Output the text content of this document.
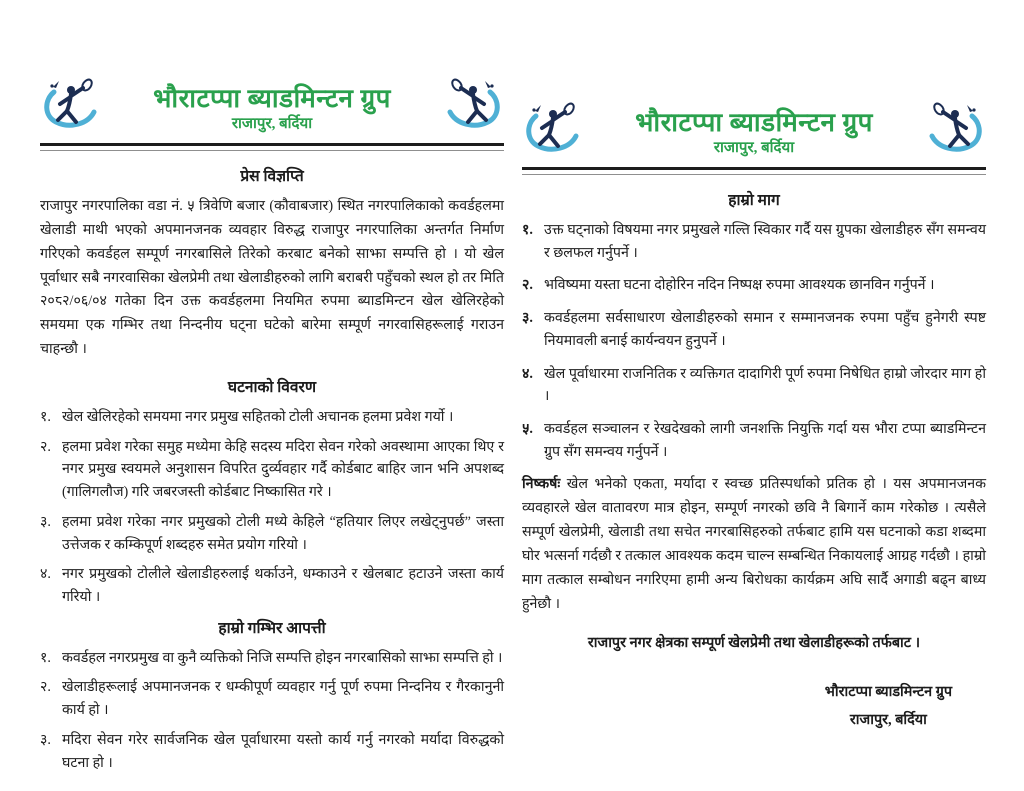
भौराटप्पा ब्याडमिन्टन ग्रुप
राजापुर, बर्दिया
प्रेस विज्ञप्ति

राजापुर नगरपालिका वडा नं. ५ त्रिवेणि बजार (कौवाबजार) स्थित नगरपालिकाको कवर्डहलमा खेलाडी माथी भएको अपमानजनक व्यवहार विरुद्ध राजापुर नगरपालिका अन्तर्गत निर्माण गरिएको कवर्डहल सम्पूर्ण नगरबासिले तिरेको करबाट बनेको साझा सम्पत्ति हो । यो खेल पूर्वाधार सबै नगरवासिका खेलप्रेमी तथा खेलाडीहरुको लागि बराबरी पहुँचको स्थल हो तर मिति २०८२/०६/०४ गतेका दिन उक्त कवर्डहलमा नियमित रुपमा ब्याडमिन्टन खेल खेलिरहेको समयमा एक गम्भिर तथा निन्दनीय घट्ना घटेको बारेमा सम्पूर्ण नगरवासिहरूलाई गराउन चाहन्छौ ।

घटनाको विवरण
१. खेल खेलिरहेको समयमा नगर प्रमुख सहितको टोली अचानक हलमा प्रवेश गर्यो ।
२. हलमा प्रवेश गरेका समुह मध्येमा केहि सदस्य मदिरा सेवन गरेको अवस्थामा आएका थिए र नगर प्रमुख स्वयमले अनुशासन विपरित दुर्व्यवहार गर्दै कोर्डबाट बाहिर जान भनि अपशब्द (गालिगलौज) गरि जबरजस्ती कोर्डबाट निष्कासित गरे ।
३. हलमा प्रवेश गरेका नगर प्रमुखको टोली मध्ये केहिले “हतियार लिएर लखेट्नुपर्छ” जस्ता उत्तेजक र कम्किपूर्ण शब्दहरु समेत प्रयोग गरियो ।
४. नगर प्रमुखको टोलीले खेलाडीहरुलाई थर्काउने, धम्काउने र खेलबाट हटाउने जस्ता कार्य गरियो ।
हाम्रो गम्भिर आपत्ती
१. कवर्डहल नगरप्रमुख वा कुनै व्यक्तिको निजि सम्पत्ति होइन नगरबासिको साझा सम्पत्ति हो ।
२. खेलाडीहरूलाई अपमानजनक र धम्कीपूर्ण व्यवहार गर्नु पूर्ण रुपमा निन्दनिय र गैरकानुनी कार्य हो ।
३. मदिरा सेवन गरेर सार्वजनिक खेल पूर्वाधारमा यस्तो कार्य गर्नु नगरको मर्यादा विरुद्धको घटना हो ।
भौराटप्पा ब्याडमिन्टन ग्रुप
राजापुर, बर्दिया
हाम्रो माग
१. उक्त घट्नाको विषयमा नगर प्रमुखले गल्ति स्विकार गर्दै यस ग्रुपका खेलाडीहरु सँग समन्वय र छलफल गर्नुपर्ने ।
२. भविष्यमा यस्ता घटना दोहोरिन नदिन निष्पक्ष रुपमा आवश्यक छानविन गर्नुपर्ने ।
३. कवर्डहलमा सर्वसाधारण खेलाडीहरुको समान र सम्मानजनक रुपमा पहुँच हुनेगरी स्पष्ट नियमावली बनाई कार्यन्वयन हुनुपर्ने ।
४. खेल पूर्वाधारमा राजनितिक र व्यक्तिगत दादागिरी पूर्ण रुपमा निषेधित हाम्रो जोरदार माग हो ।
५. कवर्डहल सञ्चालन र रेखदेखको लागी जनशक्ति नियुक्ति गर्दा यस भौरा टप्पा ब्याडमिन्टन ग्रुप सँग समन्वय गर्नुपर्ने ।

निष्कर्षः खेल भनेको एकता, मर्यादा र स्वच्छ प्रतिस्पर्धाको प्रतिक हो । यस अपमानजनक व्यवहारले खेल वातावरण मात्र होइन, सम्पूर्ण नगरको छवि नै बिगार्ने काम गरेकोछ । त्यसैले सम्पूर्ण खेलप्रेमी, खेलाडी तथा सचेत नगरबासिहरुको तर्फबाट हामि यस घटनाको कडा शब्दमा घोर भत्सर्ना गर्दछौ र तत्काल आवश्यक कदम चाल्न सम्बन्धित निकायलाई आग्रह गर्दछौ । हाम्रो माग तत्काल सम्बोधन नगरिएमा हामी अन्य बिरोधका कार्यक्रम अघि सार्दै अगाडी बढ्न बाध्य हुनेछौ ।

राजापुर नगर क्षेत्रका सम्पूर्ण खेलप्रेमी तथा खेलाडीहरूको तर्फबाट ।
भौराटप्पा ब्याडमिन्टन ग्रुप
राजापुर, बर्दिया
